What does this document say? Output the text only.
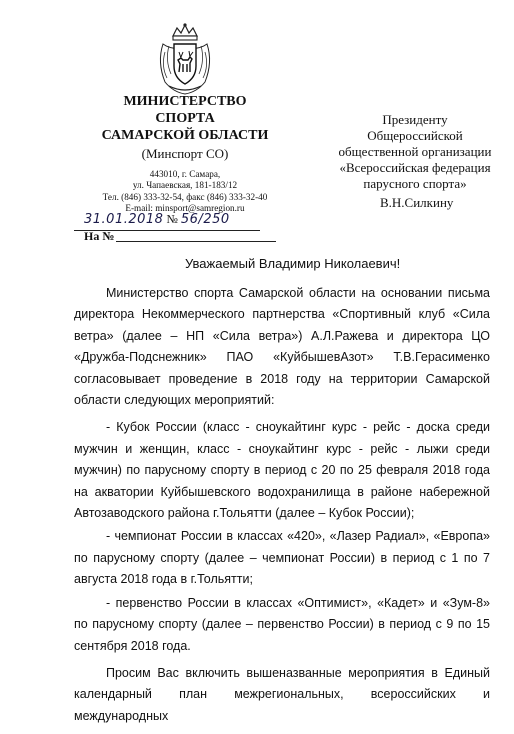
МИНИСТЕРСТВО
СПОРТА
САМАРСКОЙ ОБЛАСТИ
(Минспорт СО)
443010, г. Самара,
ул. Чапаевская, 181-183/12
Тел. (846) 333-32-54, факс (846) 333-32-40
E-mail: minsport@samregion.ru
31.01.2018 № 56/250
На №
Президенту
Общероссийской
общественной организации
«Всероссийская федерация
парусного спорта»
В.Н.Силкину
Уважаемый Владимир Николаевич!

Министерство спорта Самарской области на основании письма директора Некоммерческого партнерства «Спортивный клуб «Сила ветра» (далее – НП «Сила ветра») А.Л.Ражева и директора ЦО «Дружба-Подснежник» ПАО «КуйбышевАзот» Т.В.Герасименко согласовывает проведение в 2018 году на территории Самарской области следующих мероприятий:

- Кубок России (класс - сноукайтинг курс - рейс - доска среди мужчин и женщин, класс - сноукайтинг курс - рейс - лыжи среди мужчин) по парусному спорту в период с 20 по 25 февраля 2018 года на акватории Куйбышевского водохранилища в районе набережной Автозаводского района г.Тольятти (далее – Кубок России);

- чемпионат России в классах «420», «Лазер Радиал», «Европа» по парусному спорту (далее – чемпионат России) в период с 1 по 7 августа 2018 года в г.Тольятти;

- первенство России в классах «Оптимист», «Кадет» и «Зум-8» по парусному спорту (далее – первенство России) в период с 9 по 15 сентября 2018 года.

Просим Вас включить вышеназванные мероприятия в Единый календарный план межрегиональных, всероссийских и международных
